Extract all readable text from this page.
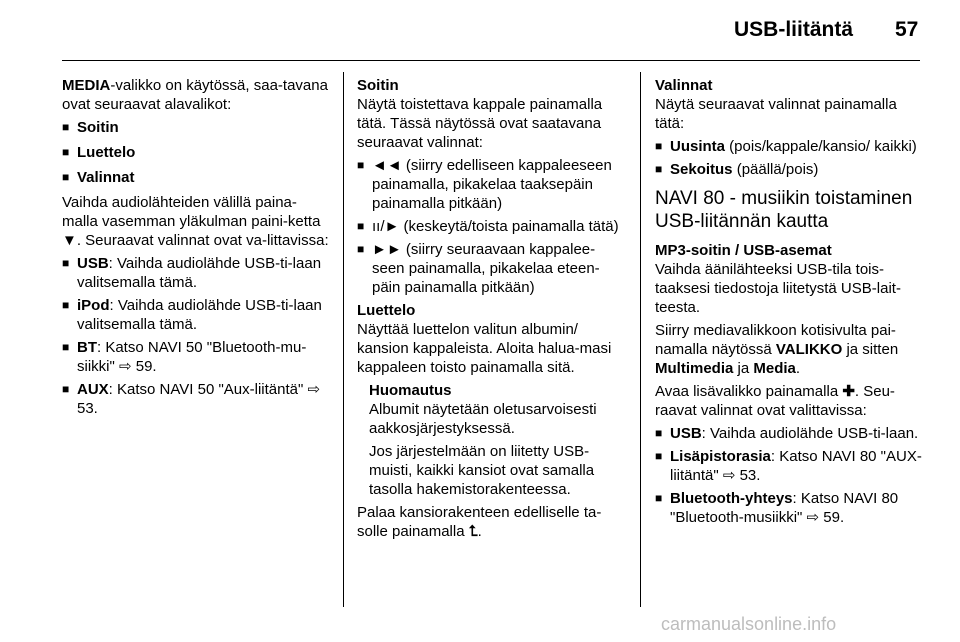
USB-liitäntä 57

MEDIA-valikko on käytössä, saa-tavana ovat seuraavat alavalikot:

■ Soitin
■ Luettelo
■ Valinnat

Vaihda audiolähteiden välillä paina-malla vasemman yläkulman paini-ketta ▼. Seuraavat valinnat ovat va-littavissa:

■ USB: Vaihda audiolähde USB-ti-laan valitsemalla tämä.
■ iPod: Vaihda audiolähde USB-ti-laan valitsemalla tämä.
■ BT: Katso NAVI 50 "Bluetooth-mu-siikki" ⇨ 59.
■ AUX: Katso NAVI 50 "Aux-liitäntä" ⇨ 53.
Soitin

Näytä toistettava kappale painamalla tätä. Tässä näytössä ovat saatavana seuraavat valinnat:

■ ◄◄ (siirry edelliseen kappaleeseen painamalla, pikakelaa taaksepäin painamalla pitkään)
■ ıı/► (keskeytä/toista painamalla tätä)
■ ►► (siirry seuraavaan kappalee-seen painamalla, pikakelaa eteen-päin painamalla pitkään)
Luettelo

Näyttää luettelon valitun albumin/ kansion kappaleista. Aloita halua-masi kappaleen toisto painamalla sitä.

Huomautus

Albumit näytetään oletusarvoisesti aakkosjärjestyksessä.

Jos järjestelmään on liitetty USB-muisti, kaikki kansiot ovat samalla tasolla hakemistorakenteessa.

Palaa kansiorakenteen edelliselle ta-solle painamalla ⮤.

Valinnat

Näytä seuraavat valinnat painamalla tätä:

■ Uusinta (pois/kappale/kansio/ kaikki)
■ Sekoitus (päällä/pois)
NAVI 80 - musiikin toistaminen USB-liitännän kautta
MP3-soitin / USB-asemat

Vaihda äänilähteeksi USB-tila tois-taaksesi tiedostoja liitetystä USB-lait-teesta.

Siirry mediavalikkoon kotisivulta pai-namalla näytössä VALIKKO ja sitten Multimedia ja Media.

Avaa lisävalikko painamalla ✚. Seu-raavat valinnat ovat valittavissa:

■ USB: Vaihda audiolähde USB-ti-laan.
■ Lisäpistorasia: Katso NAVI 80 "AUX-liitäntä" ⇨ 53.
■ Bluetooth-yhteys: Katso NAVI 80 "Bluetooth-musiikki" ⇨ 59.
carmanualsonline.info
